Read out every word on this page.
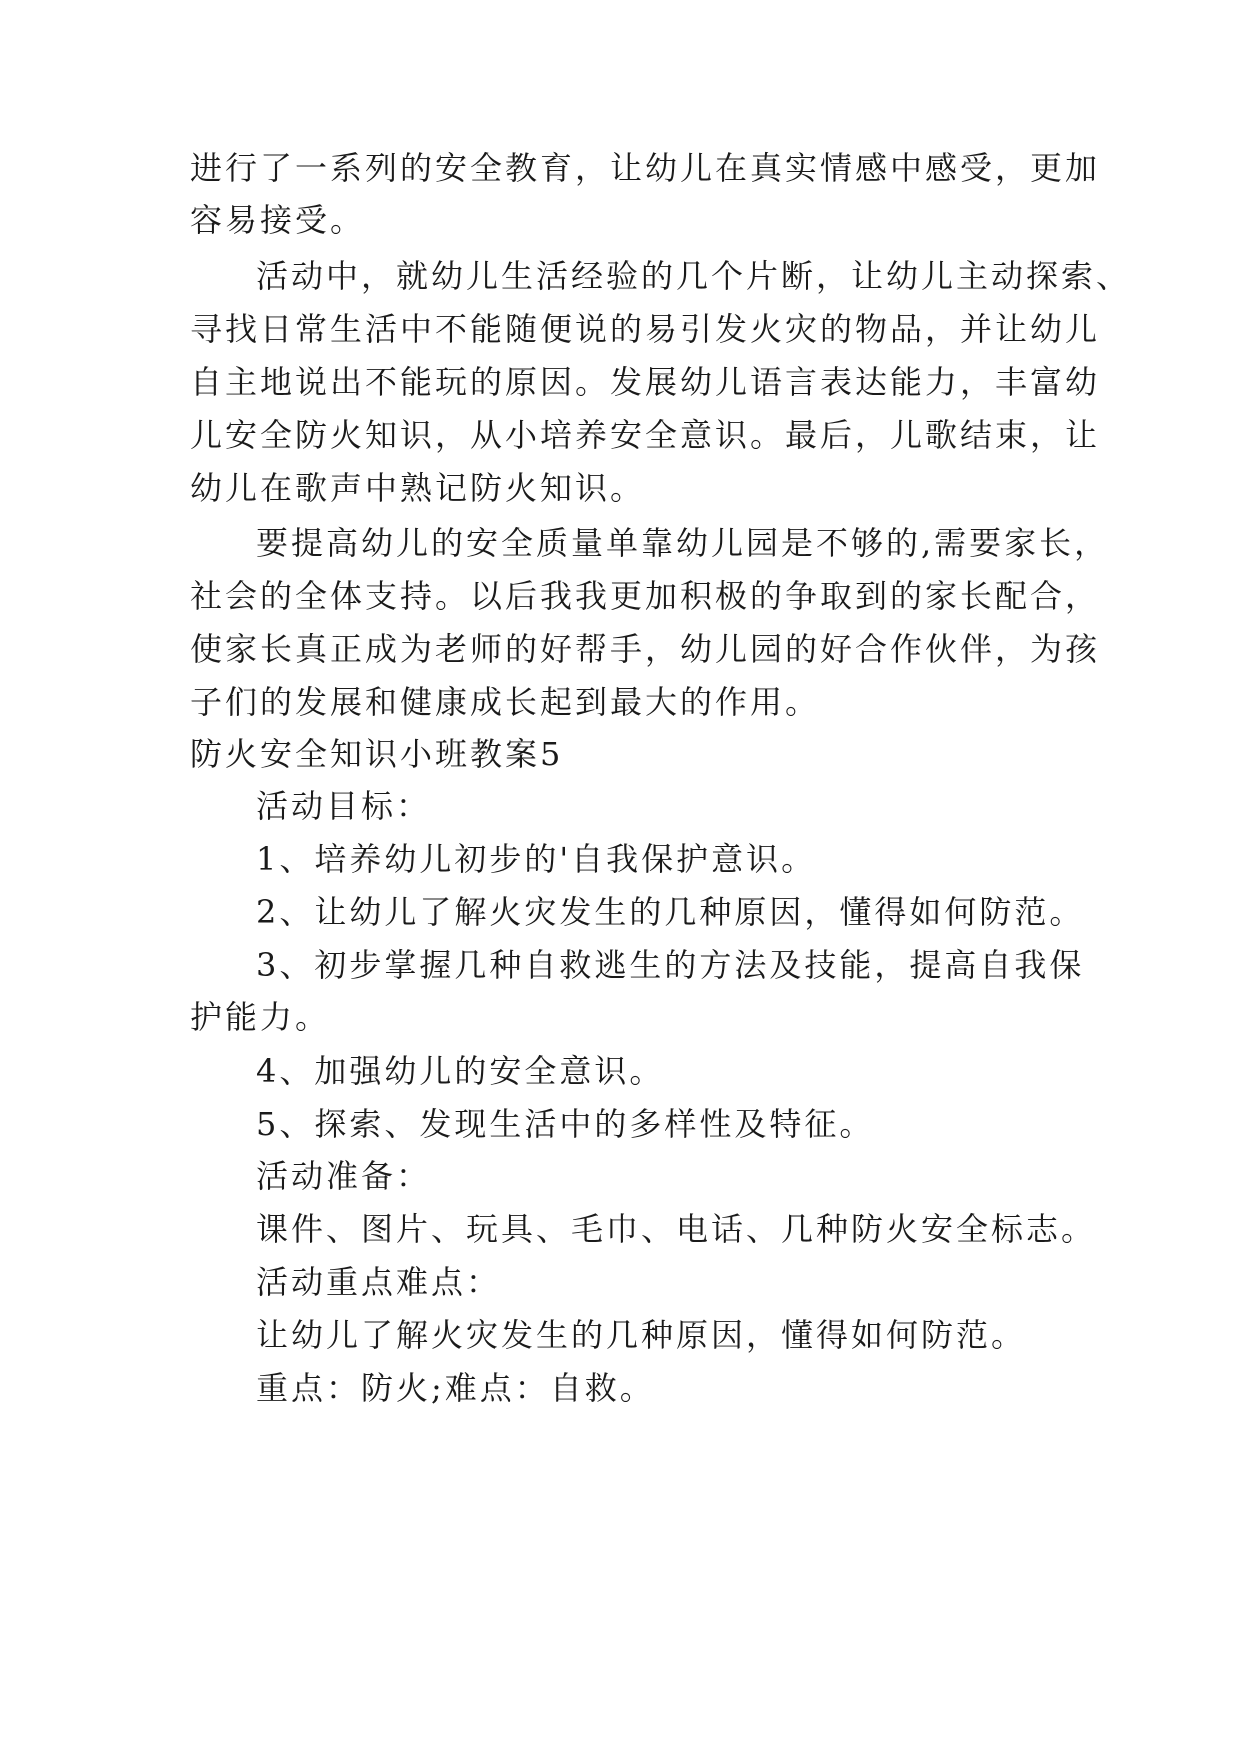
进行了一系列的安全教育，让幼儿在真实情感中感受，更加
容易接受。
活动中，就幼儿生活经验的几个片断，让幼儿主动探索、
寻找日常生活中不能随便说的易引发火灾的物品，并让幼儿
自主地说出不能玩的原因。发展幼儿语言表达能力，丰富幼
儿安全防火知识，从小培养安全意识。最后，儿歌结束，让
幼儿在歌声中熟记防火知识。
要提高幼儿的安全质量单靠幼儿园是不够的,需要家长，
社会的全体支持。以后我我更加积极的争取到的家长配合，
使家长真正成为老师的好帮手，幼儿园的好合作伙伴，为孩
子们的发展和健康成长起到最大的作用。
防火安全知识小班教案5
活动目标：
1、培养幼儿初步的'自我保护意识。
2、让幼儿了解火灾发生的几种原因，懂得如何防范。
3、初步掌握几种自救逃生的方法及技能，提高自我保
护能力。
4、加强幼儿的安全意识。
5、探索、发现生活中的多样性及特征。
活动准备：
课件、图片、玩具、毛巾、电话、几种防火安全标志。
活动重点难点：
让幼儿了解火灾发生的几种原因，懂得如何防范。
重点：防火;难点：自救。
